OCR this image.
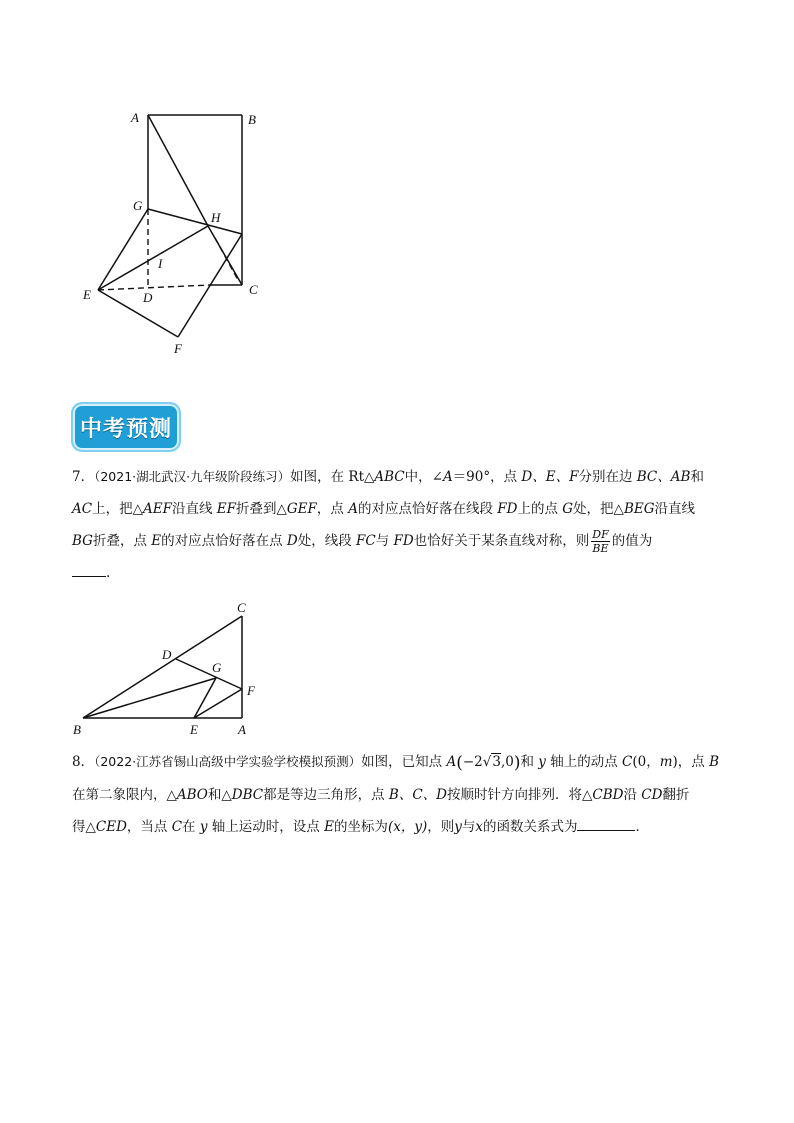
A	B
G
H
I
E	D
C
F
中考预测
7．（2021·湖北武汉·九年级阶段练习）如图，在 Rt△ABC中，∠A＝90°，点 D、E、F分别在边 BC、AB和
AC上，把△AEF沿直线 EF折叠到△GEF，点 A的对应点恰好落在线段 FD上的点 G处，把△BEG沿直线
BG折叠，点 E的对应点恰好落在点 D处，线段 FC与 FD也恰好关于某条直线对称，则 $\frac{DF}{BE}$ 的值为
.
C
D
G
F
B	E	A
8．（2022·江苏省锡山高级中学实验学校模拟预测）如图，已知点 A(−2√3,0)和 y 轴上的动点 C(0，m)，点 B
在第二象限内，△ABO和△DBC都是等边三角形，点 B、C、D按顺时针方向排列．将△CBD沿 CD翻折
得△CED，当点 C在 y 轴上运动时，设点 E的坐标为(x，y)，则y与x的函数关系式为	．
